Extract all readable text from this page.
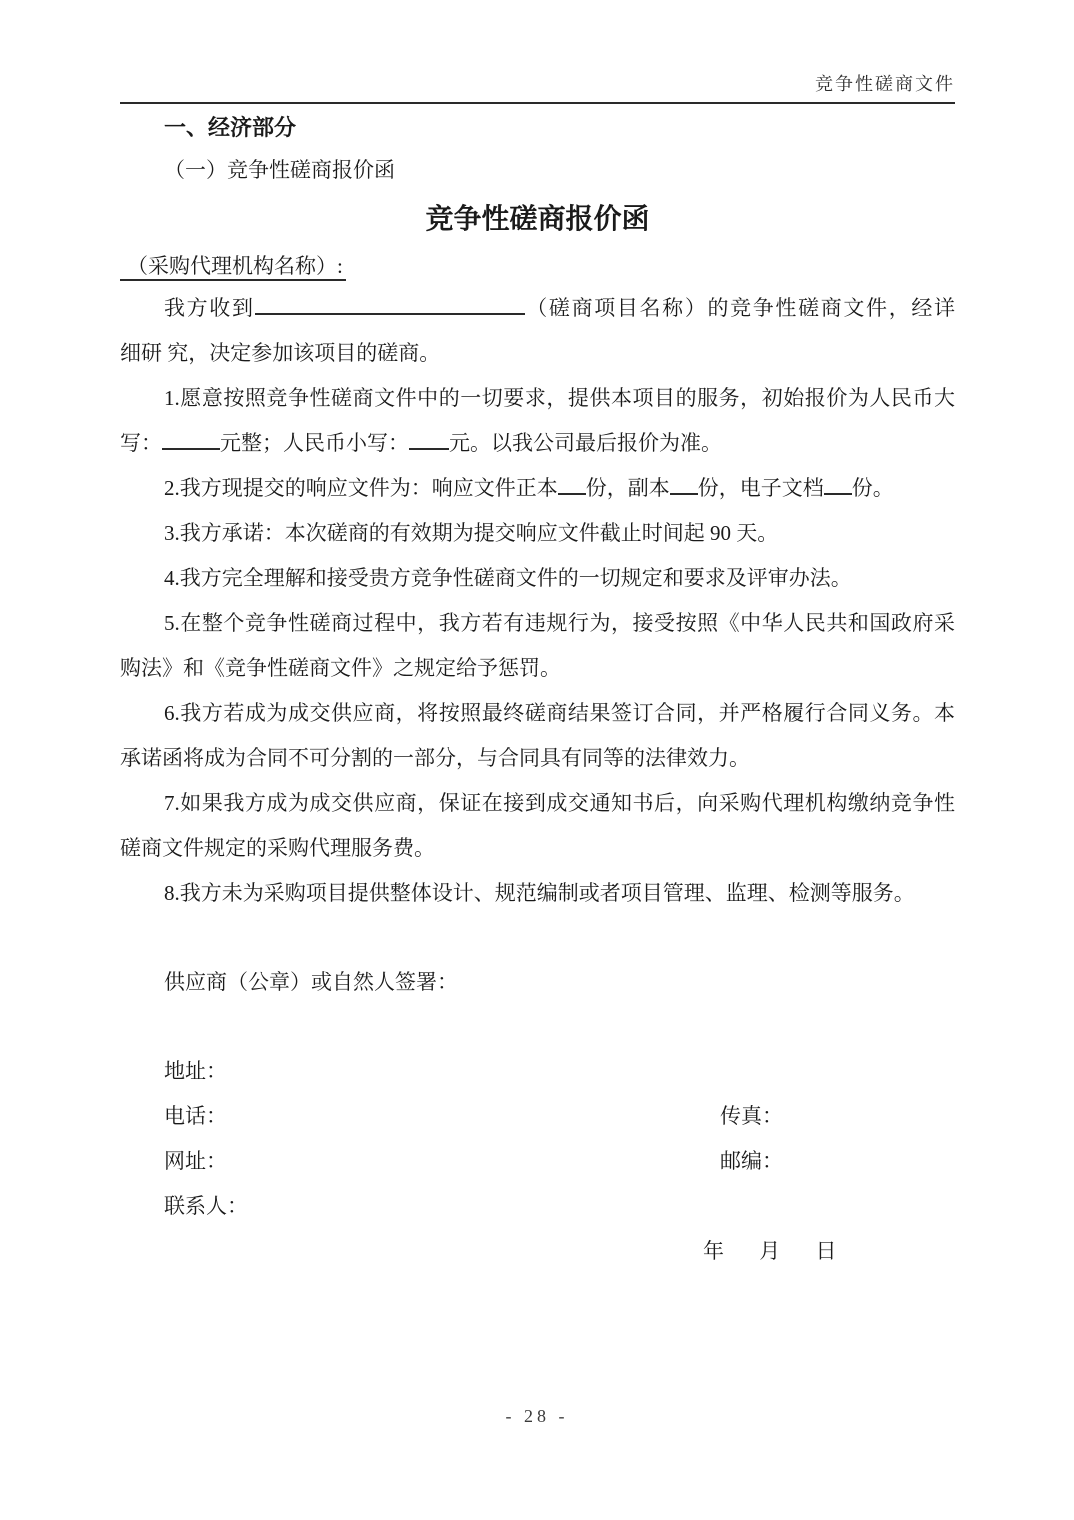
竞争性磋商文件
一、经济部分
（一）竞争性磋商报价函
竞争性磋商报价函
（采购代理机构名称）:
我方收到	（磋商项目名称）的竞争性磋商文件，经详
细研 究，决定参加该项目的磋商。
1.愿意按照竞争性磋商文件中的一切要求，提供本项目的服务，初始报价为人民币大
写：	元整；人民币小写： 元。以我公司最后报价为准。
2.我方现提交的响应文件为：响应文件正本 份，副本 份，电子文档 份。
3.我方承诺：本次磋商的有效期为提交响应文件截止时间起 90 天。
4.我方完全理解和接受贵方竞争性磋商文件的一切规定和要求及评审办法。
5.在整个竞争性磋商过程中，我方若有违规行为，接受按照《中华人民共和国政府采
购法》和《竞争性磋商文件》之规定给予惩罚。
6.我方若成为成交供应商，将按照最终磋商结果签订合同，并严格履行合同义务。本
承诺函将成为合同不可分割的一部分，与合同具有同等的法律效力。
7.如果我方成为成交供应商，保证在接到成交通知书后，向采购代理机构缴纳竞争性
磋商文件规定的采购代理服务费。
8.我方未为采购项目提供整体设计、规范编制或者项目管理、监理、检测等服务。
供应商（公章）或自然人签署：
地址：
电话：	传真：
网址：	邮编：
联系人：
年 月 日
- 28 -
